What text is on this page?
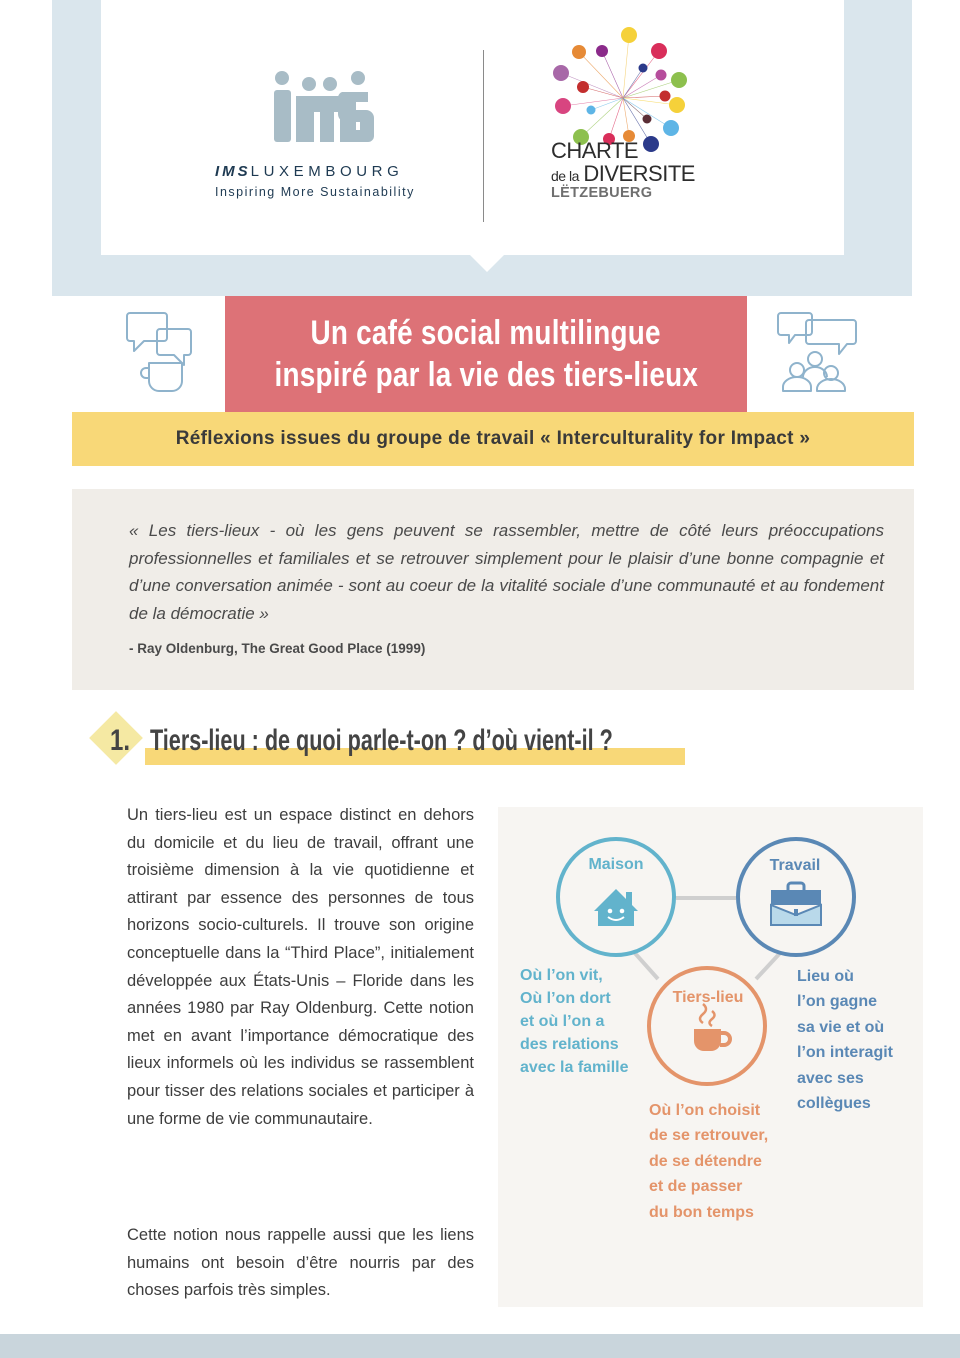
IMSLUXEMBOURG
Inspiring More Sustainability
CHARTE
de la DIVERSITE
LËTZEBUERG
Un café social multilingue
inspiré par la vie des tiers-lieux
Réflexions issues du groupe de travail « Interculturality for Impact »
« Les tiers-lieux - où les gens peuvent se rassembler, mettre de côté leurs préoccupations professionnelles et familiales et se retrouver simplement pour le plaisir d’une bonne compagnie et d’une conversation animée - sont au coeur de la vitalité sociale d’une communauté et au fondement de la démocratie »
- Ray Oldenburg, The Great Good Place (1999)
1. Tiers-lieu : de quoi parle-t-on ? d’où vient-il ?

Un tiers-lieu est un espace distinct en dehors du domicile et du lieu de travail, offrant une troisième dimension à la vie quotidienne et attirant par essence des personnes de tous horizons socio-culturels. Il trouve son origine conceptuelle dans la “Third Place”, initialement développée aux États-Unis – Floride dans les années 1980 par Ray Oldenburg. Cette notion met en avant l’importance démocratique des lieux informels où les individus se rassemblent pour tisser des relations sociales et participer à une forme de vie communautaire.

Cette notion nous rappelle aussi que les liens humains ont besoin d’être nourris par des choses parfois très simples.

Maison	Travail
Tiers-lieu
Où l’on vit,
Où l’on dort
et où l’on a
des relations
avec la famille
Lieu où
l’on gagne
sa vie et où
l’on interagit
avec ses
collègues
Où l’on choisit
de se retrouver,
de se détendre
et de passer
du bon temps
